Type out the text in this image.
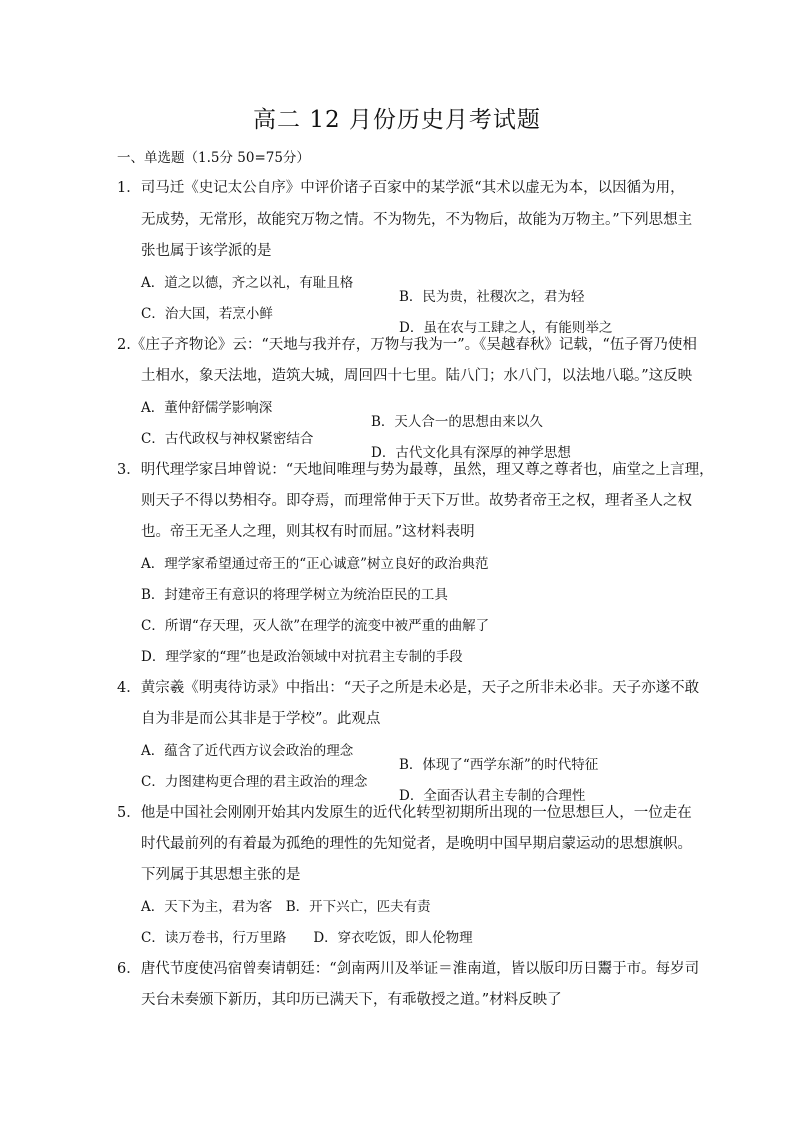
高二 12 月份历史月考试题

一、单选题（1.5分 50=75分）

1．司马迁《史记太公自序》中评价诸子百家中的某学派“其术以虚无为本，以因循为用，

无成势，无常形，故能究万物之情。不为物先，不为物后，故能为万物主。”下列思想主

张也属于该学派的是

A．道之以德，齐之以礼，有耻且格

B．民为贵，社稷次之，君为轻

C．治大国，若烹小鲜

D．虽在农与工肆之人，有能则举之

2.《庄子齐物论》云：“天地与我并存，万物与我为一”。《吴越春秋》记载，“伍子胥乃使相

土相水，象天法地，造筑大城，周回四十七里。陆八门；水八门，以法地八聪。”这反映

A．董仲舒儒学影响深

B．天人合一的思想由来以久

C．古代政权与神权紧密结合

D．古代文化具有深厚的神学思想

3．明代理学家吕坤曾说：“天地间唯理与势为最尊，虽然，理又尊之尊者也，庙堂之上言理，

则天子不得以势相夺。即夺焉，而理常伸于天下万世。故势者帝王之权，理者圣人之权

也。帝王无圣人之理，则其权有时而屈。”这材料表明

A．理学家希望通过帝王的“正心诚意”树立良好的政治典范

B．封建帝王有意识的将理学树立为统治臣民的工具

C．所谓“存天理，灭人欲”在理学的流变中被严重的曲解了

D．理学家的“理”也是政治领域中对抗君主专制的手段

4．黄宗羲《明夷待访录》中指出：“天子之所是未必是，天子之所非未必非。天子亦遂不敢

自为非是而公其非是于学校”。此观点

A．蕴含了近代西方议会政治的理念

B．体现了“西学东渐”的时代特征

C．力图建构更合理的君主政治的理念

D．全面否认君主专制的合理性

5．他是中国社会刚刚开始其内发原生的近代化转型初期所出现的一位思想巨人，一位走在

时代最前列的有着最为孤绝的理性的先知觉者，是晚明中国早期启蒙运动的思想旗帜。

下列属于其思想主张的是

A．天下为主，君为客　B．开下兴亡，匹夫有责

C．读万卷书，行万里路　　D．穿衣吃饭，即人伦物理

6．唐代节度使冯宿曾奏请朝廷：“剑南两川及举证＝淮南道，皆以版印历日鬻于市。每岁司

天台未奏颁下新历，其印历已满天下，有乖敬授之道。”材料反映了
